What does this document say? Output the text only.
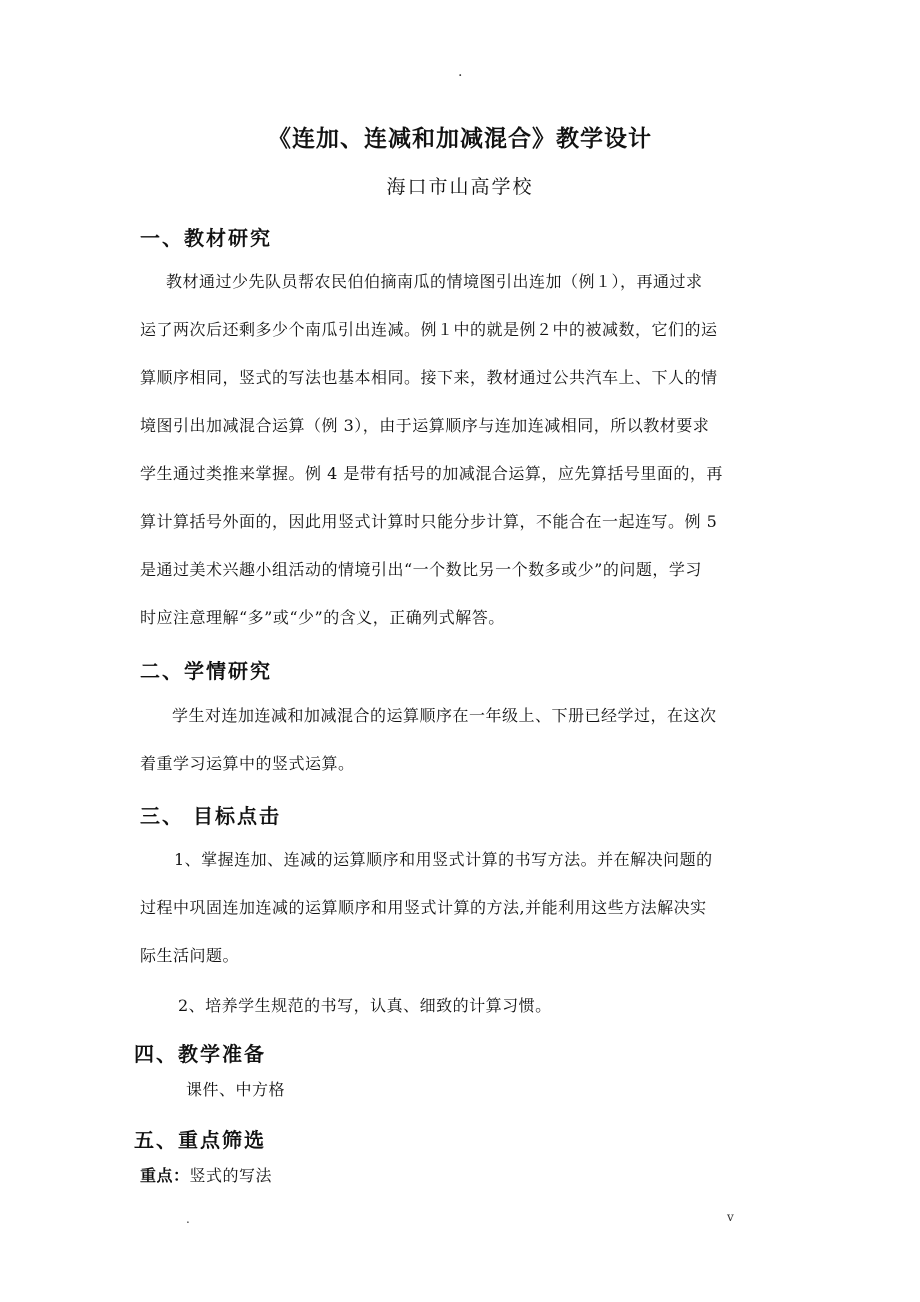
.
《连加、连减和加减混合》教学设计
海口市山高学校
一、教材研究
教材通过少先队员帮农民伯伯摘南瓜的情境图引出连加（例１），再通过求
运了两次后还剩多少个南瓜引出连减。例１中的就是例２中的被减数，它们的运
算顺序相同，竖式的写法也基本相同。接下来，教材通过公共汽车上、下人的情
境图引出加减混合运算（例 3），由于运算顺序与连加连减相同，所以教材要求
学生通过类推来掌握。例 4 是带有括号的加减混合运算，应先算括号里面的，再
算计算括号外面的，因此用竖式计算时只能分步计算，不能合在一起连写。例 5
是通过美术兴趣小组活动的情境引出“一个数比另一个数多或少”的问题，学习
时应注意理解“多”或“少”的含义，正确列式解答。
二、学情研究
学生对连加连减和加减混合的运算顺序在一年级上、下册已经学过，在这次
着重学习运算中的竖式运算。
三、 目标点击
1、掌握连加、连减的运算顺序和用竖式计算的书写方法。并在解决问题的
过程中巩固连加连减的运算顺序和用竖式计算的方法,并能利用这些方法解决实
际生活问题。
2、培养学生规范的书写，认真、细致的计算习惯。
四、教学准备
课件、中方格
五、重点筛选
重点：竖式的写法
.	v
